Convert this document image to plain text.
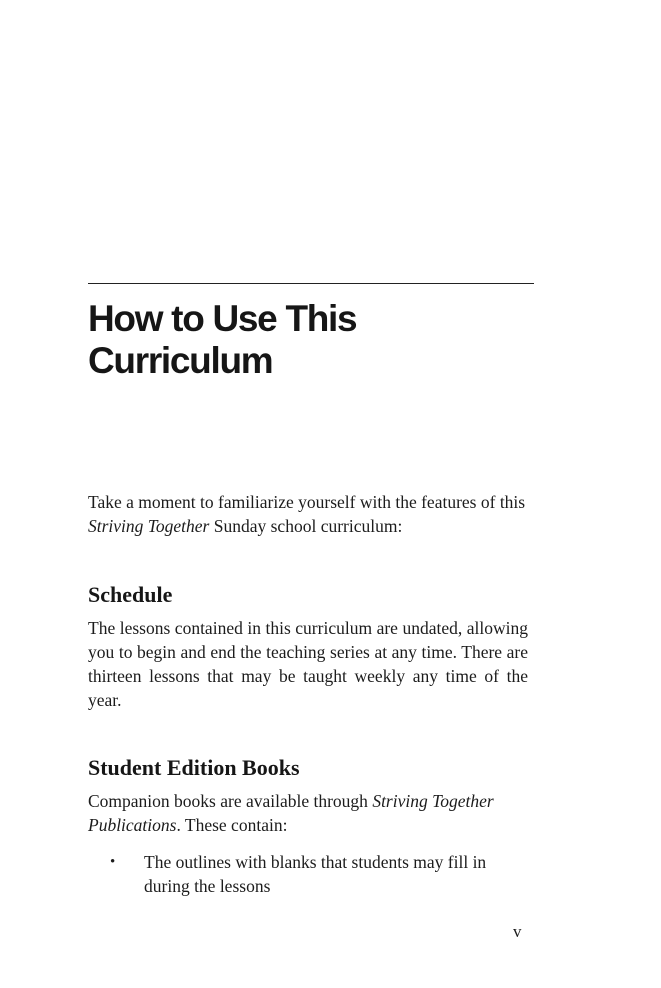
How to Use This
Curriculum

Take a moment to familiarize yourself with the features of this Striving Together Sunday school curriculum:

Schedule

The lessons contained in this curriculum are undated, allowing you to begin and end the teaching series at any time. There are thirteen lessons that may be taught weekly any time of the year.

Student Edition Books

Companion books are available through Striving Together Publications. These contain:

• The outlines with blanks that students may fill in during the lessons
v
